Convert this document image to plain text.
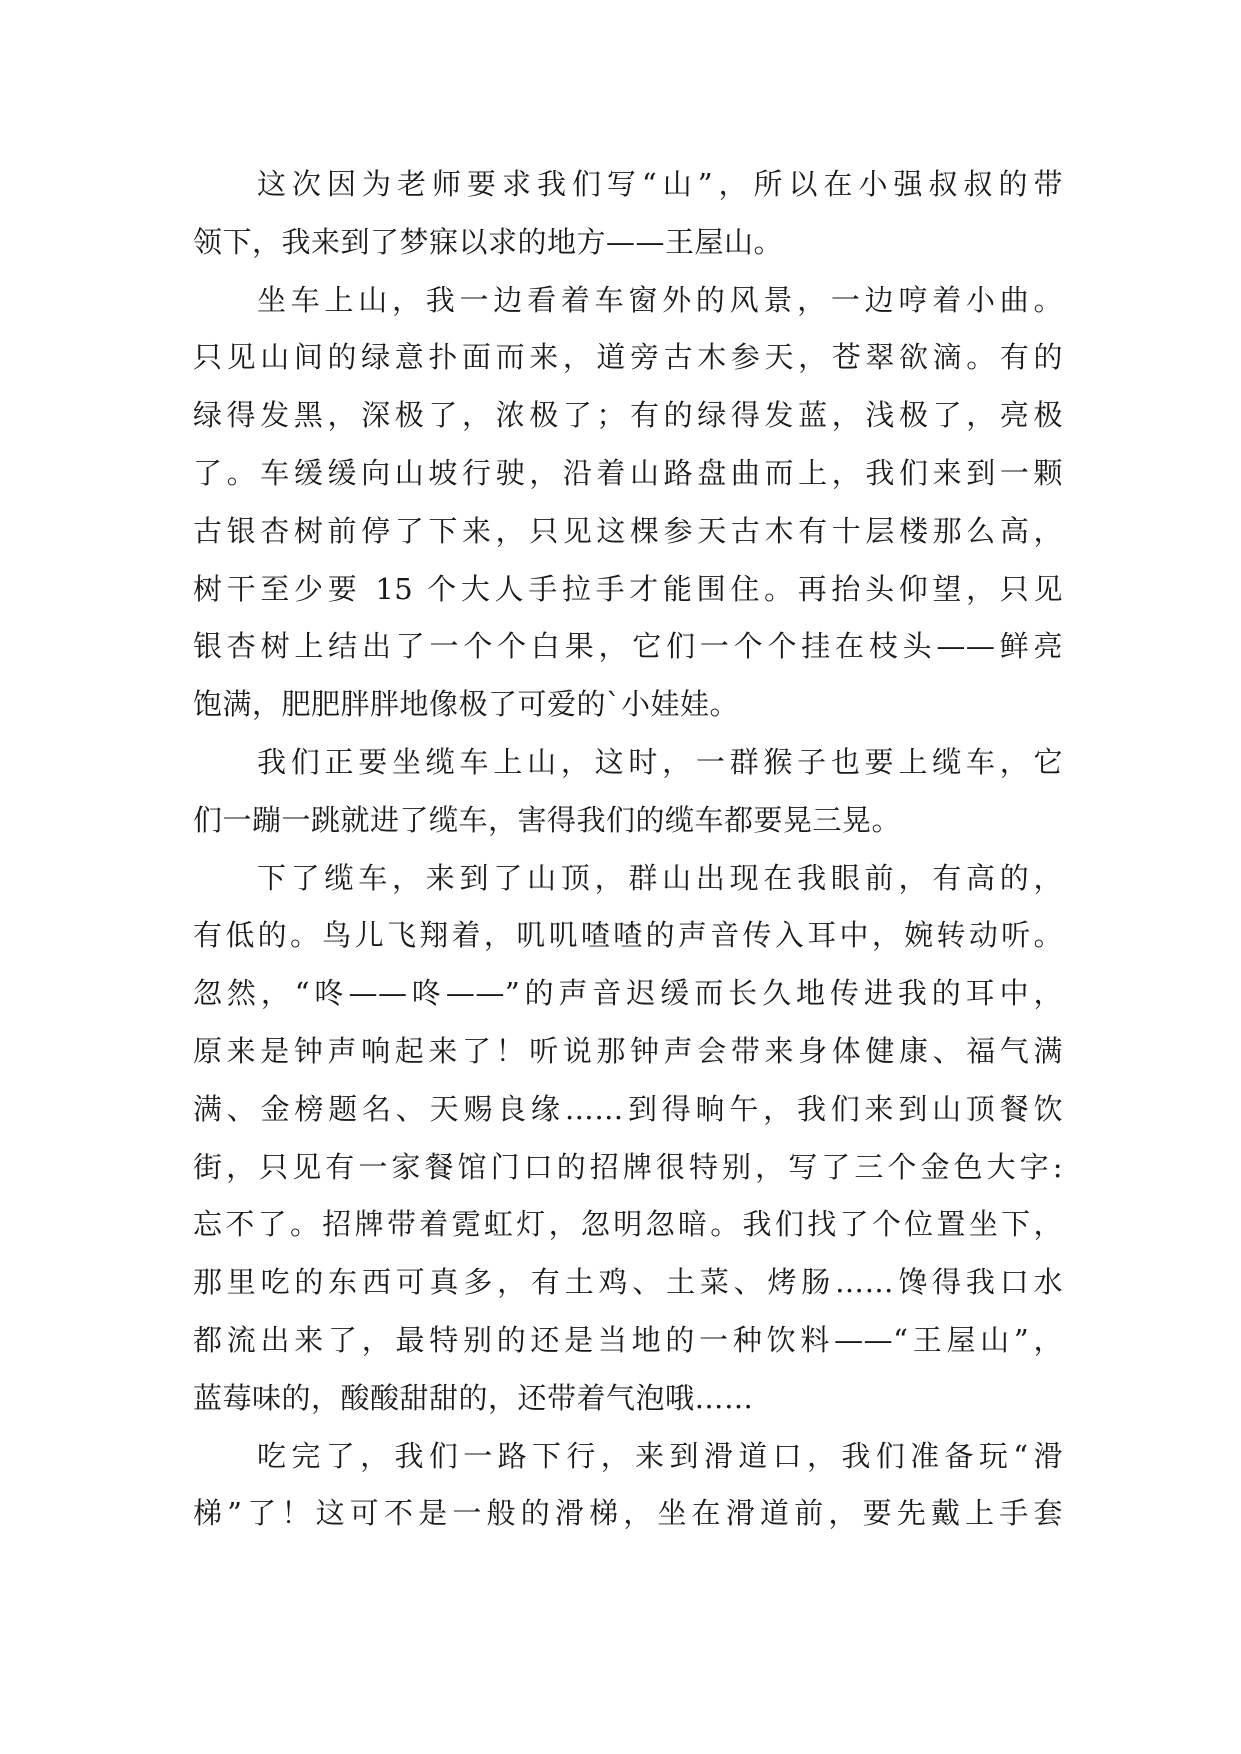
这次因为老师要求我们写“山”，所以在小强叔叔的带
领下，我来到了梦寐以求的地方——王屋山。
坐车上山，我一边看着车窗外的风景，一边哼着小曲。
只见山间的绿意扑面而来，道旁古木参天，苍翠欲滴。有的
绿得发黑，深极了，浓极了；有的绿得发蓝，浅极了，亮极
了。车缓缓向山坡行驶，沿着山路盘曲而上，我们来到一颗
古银杏树前停了下来，只见这棵参天古木有十层楼那么高，
树干至少要 15 个大人手拉手才能围住。再抬头仰望，只见
银杏树上结出了一个个白果，它们一个个挂在枝头——鲜亮
饱满，肥肥胖胖地像极了可爱的`小娃娃。
我们正要坐缆车上山，这时，一群猴子也要上缆车，它
们一蹦一跳就进了缆车，害得我们的缆车都要晃三晃。
下了缆车，来到了山顶，群山出现在我眼前，有高的，
有低的。鸟儿飞翔着，叽叽喳喳的声音传入耳中，婉转动听。
忽然，“咚——咚——”的声音迟缓而长久地传进我的耳中，
原来是钟声响起来了！听说那钟声会带来身体健康、福气满
满、金榜题名、天赐良缘……到得晌午，我们来到山顶餐饮
街，只见有一家餐馆门口的招牌很特别，写了三个金色大字:
忘不了。招牌带着霓虹灯，忽明忽暗。我们找了个位置坐下，
那里吃的东西可真多，有土鸡、土菜、烤肠……馋得我口水
都流出来了，最特别的还是当地的一种饮料——“王屋山”，
蓝莓味的，酸酸甜甜的，还带着气泡哦……
吃完了，我们一路下行，来到滑道口，我们准备玩“滑
梯”了！这可不是一般的滑梯，坐在滑道前，要先戴上手套
